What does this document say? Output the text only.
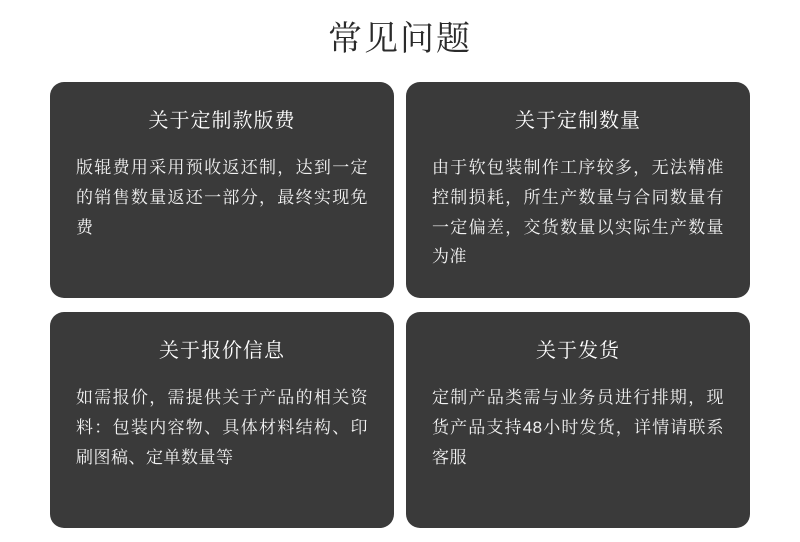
常见问题
关于定制款版费
版辊费用采用预收返还制，达到一定的销售数量返还一部分，最终实现免费
关于定制数量
由于软包装制作工序较多，无法精准控制损耗，所生产数量与合同数量有一定偏差，交货数量以实际生产数量为准
关于报价信息
如需报价，需提供关于产品的相关资料：包装内容物、具体材料结构、印刷图稿、定单数量等
关于发货
定制产品类需与业务员进行排期，现货产品支持48小时发货，详情请联系客服
